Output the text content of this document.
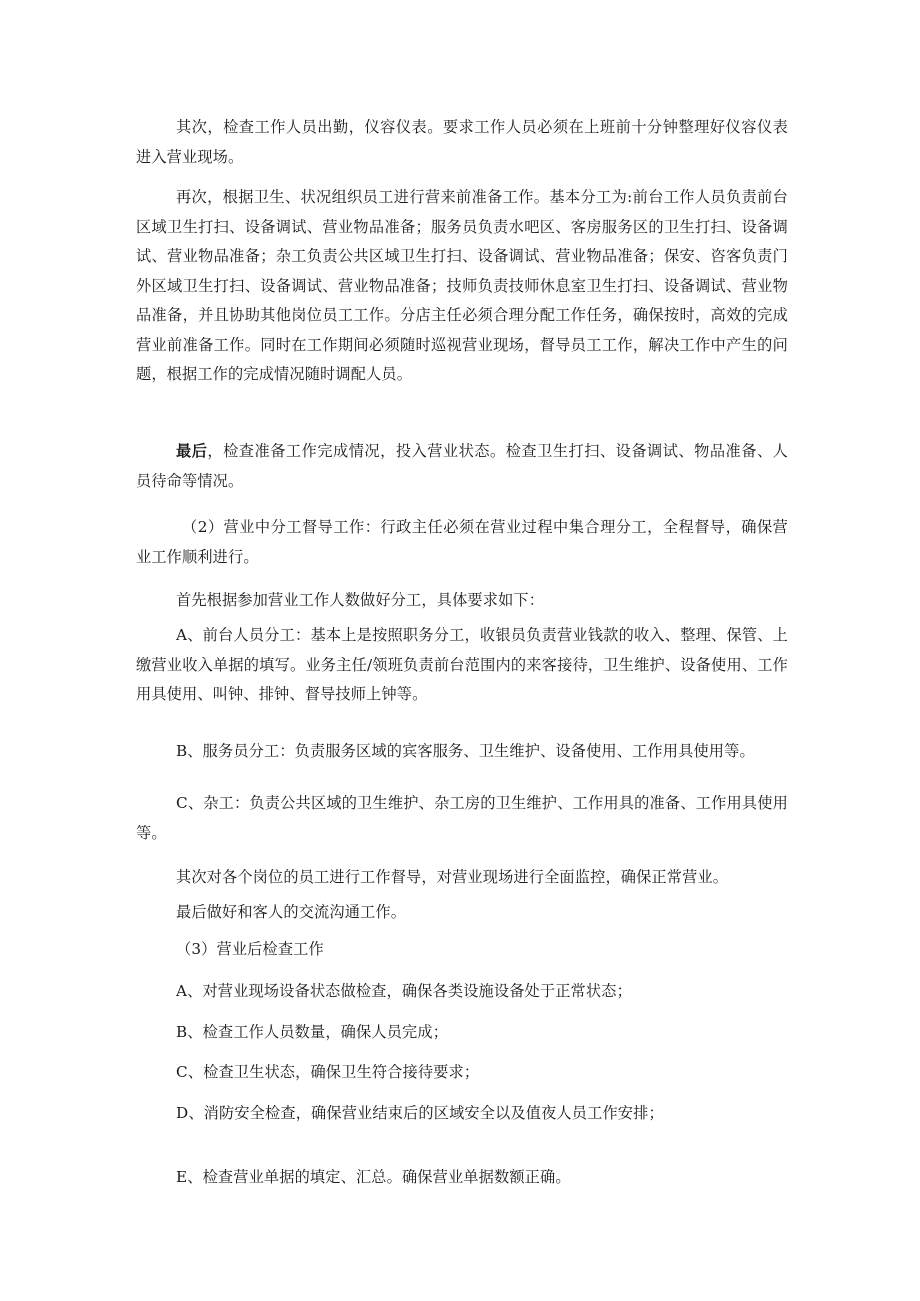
其次，检查工作人员出勤，仪容仪表。要求工作人员必须在上班前十分钟整理好仪容仪表进入营业现场。

再次，根据卫生、状况组织员工进行营来前准备工作。基本分工为:前台工作人员负责前台区域卫生打扫、设备调试、营业物品准备；服务员负责水吧区、客房服务区的卫生打扫、设备调试、营业物品准备；杂工负责公共区域卫生打扫、设备调试、营业物品准备；保安、咨客负责门外区域卫生打扫、设备调试、营业物品准备；技师负责技师休息室卫生打扫、设备调试、营业物品准备，并且协助其他岗位员工工作。分店主任必须合理分配工作任务，确保按时，高效的完成营业前准备工作。同时在工作期间必须随时巡视营业现场，督导员工工作，解决工作中产生的问题，根据工作的完成情况随时调配人员。

最后，检查准备工作完成情况，投入营业状态。检查卫生打扫、设备调试、物品准备、人员待命等情况。

（2）营业中分工督导工作：行政主任必须在营业过程中集合理分工，全程督导，确保营业工作顺利进行。

首先根据参加营业工作人数做好分工，具体要求如下：

A、前台人员分工：基本上是按照职务分工，收银员负责营业钱款的收入、整理、保管、上缴营业收入单据的填写。业务主任/领班负责前台范围内的来客接待，卫生维护、设备使用、工作用具使用、叫钟、排钟、督导技师上钟等。

B、服务员分工：负责服务区域的宾客服务、卫生维护、设备使用、工作用具使用等。

C、杂工：负责公共区域的卫生维护、杂工房的卫生维护、工作用具的准备、工作用具使用等。

其次对各个岗位的员工进行工作督导，对营业现场进行全面监控，确保正常营业。

最后做好和客人的交流沟通工作。

（3）营业后检查工作

A、对营业现场设备状态做检查，确保各类设施设备处于正常状态；

B、检查工作人员数量，确保人员完成；

C、检查卫生状态，确保卫生符合接待要求；

D、消防安全检查，确保营业结束后的区域安全以及值夜人员工作安排；

E、检查营业单据的填定、汇总。确保营业单据数额正确。
